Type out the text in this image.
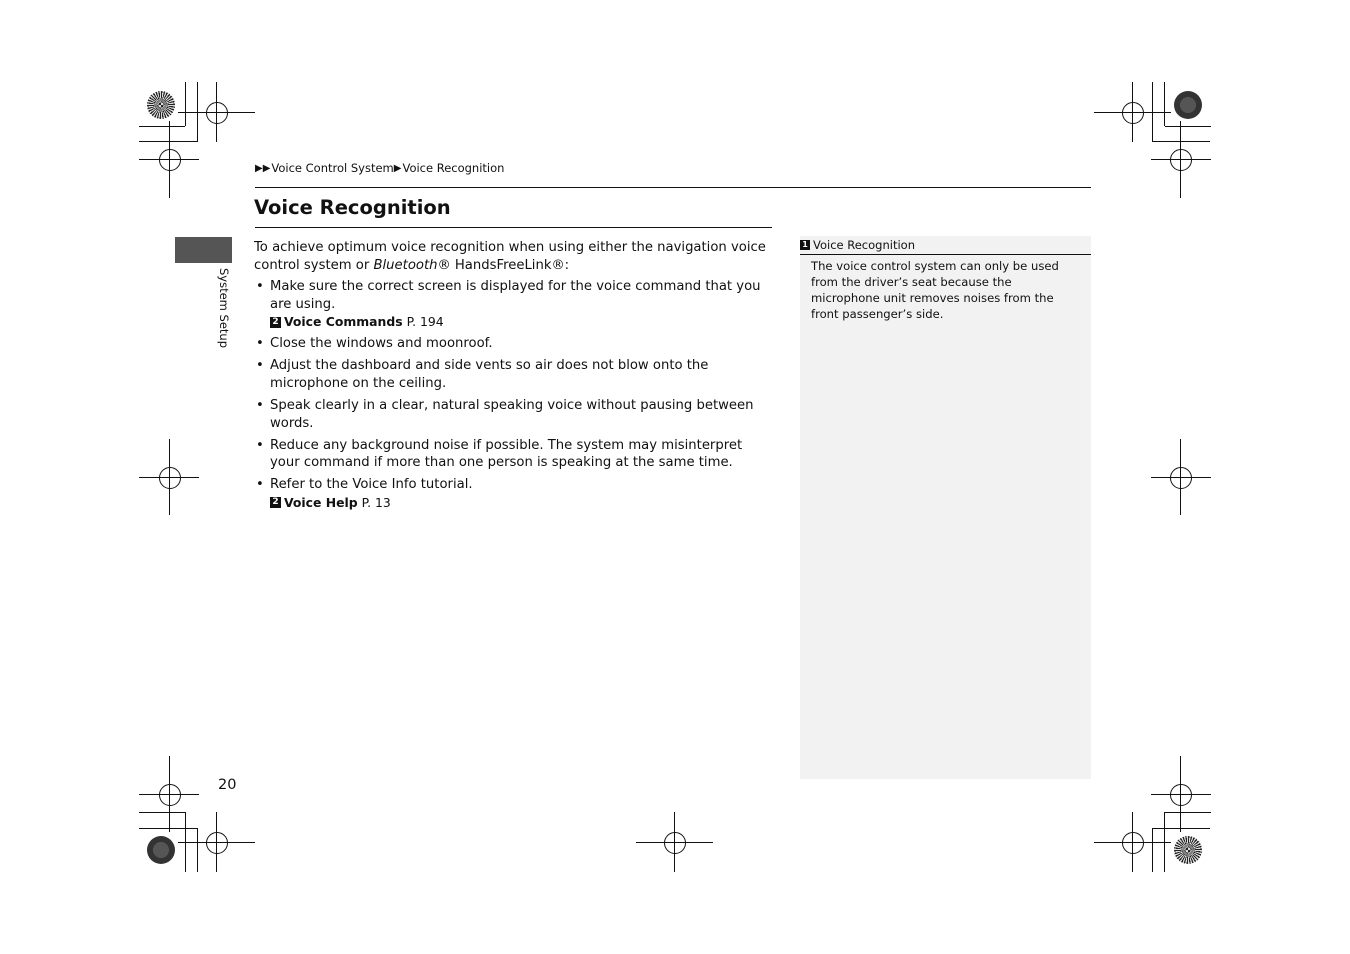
▶▶ Voice Control System ▶ Voice Recognition
System Setup
Voice Recognition

To achieve optimum voice recognition when using either the navigation voice control system or Bluetooth® HandsFreeLink®:

• Make sure the correct screen is displayed for the voice command that you are using.
2 Voice Commands P. 194
• Close the windows and moonroof.
• Adjust the dashboard and side vents so air does not blow onto the microphone on the ceiling.
• Speak clearly in a clear, natural speaking voice without pausing between words.
• Reduce any background noise if possible. The system may misinterpret your command if more than one person is speaking at the same time.
• Refer to the Voice Info tutorial.
2 Voice Help P. 13
1 Voice Recognition
The voice control system can only be used from the driver’s seat because the microphone unit removes noises from the front passenger’s side.
20
